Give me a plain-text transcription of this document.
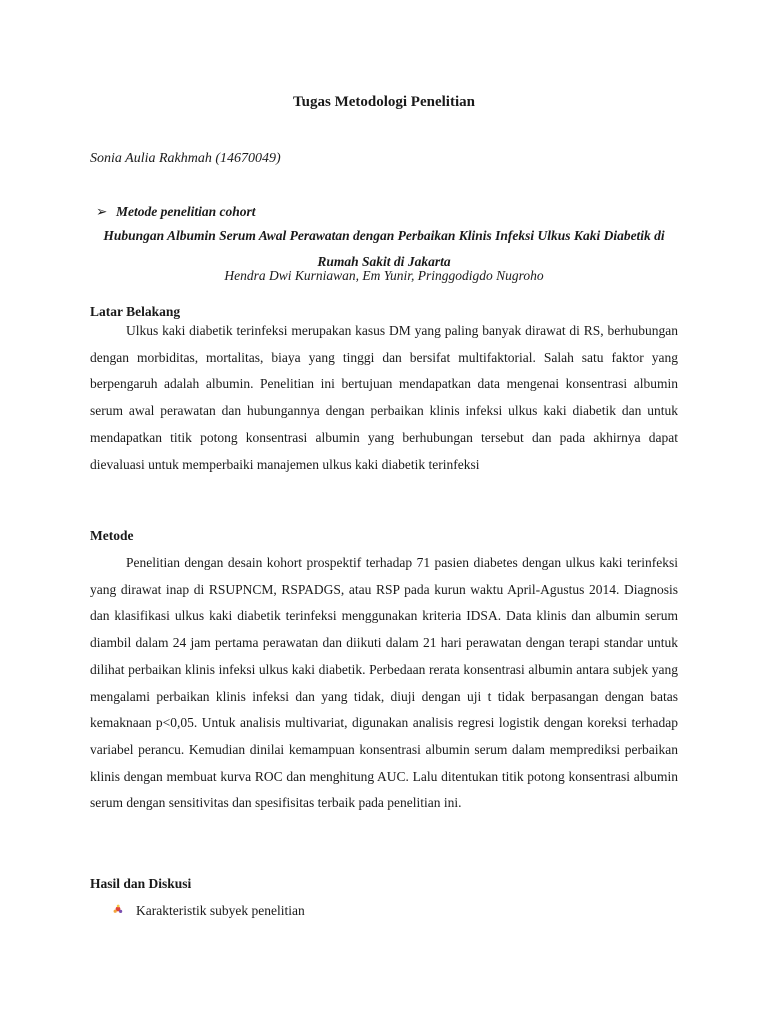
Tugas Metodologi Penelitian
Sonia Aulia Rakhmah (14670049)
➢ Metode penelitian cohort
Hubungan Albumin Serum Awal Perawatan dengan Perbaikan Klinis Infeksi Ulkus Kaki Diabetik di Rumah Sakit di Jakarta
Hendra Dwi Kurniawan, Em Yunir, Pringgodigdo Nugroho
Latar Belakang

Ulkus kaki diabetik terinfeksi merupakan kasus DM yang paling banyak dirawat di RS, berhubungan dengan morbiditas, mortalitas, biaya yang tinggi dan bersifat multifaktorial. Salah satu faktor yang berpengaruh adalah albumin. Penelitian ini bertujuan mendapatkan data mengenai konsentrasi albumin serum awal perawatan dan hubungannya dengan perbaikan klinis infeksi ulkus kaki diabetik dan untuk mendapatkan titik potong konsentrasi albumin yang berhubungan tersebut dan pada akhirnya dapat dievaluasi untuk memperbaiki manajemen ulkus kaki diabetik terinfeksi

Metode

Penelitian dengan desain kohort prospektif terhadap 71 pasien diabetes dengan ulkus kaki terinfeksi yang dirawat inap di RSUPNCM, RSPADGS, atau RSP pada kurun waktu April-Agustus 2014. Diagnosis dan klasifikasi ulkus kaki diabetik terinfeksi menggunakan kriteria IDSA. Data klinis dan albumin serum diambil dalam 24 jam pertama perawatan dan diikuti dalam 21 hari perawatan dengan terapi standar untuk dilihat perbaikan klinis infeksi ulkus kaki diabetik. Perbedaan rerata konsentrasi albumin antara subjek yang mengalami perbaikan klinis infeksi dan yang tidak, diuji dengan uji t tidak berpasangan dengan batas kemaknaan p<0,05. Untuk analisis multivariat, digunakan analisis regresi logistik dengan koreksi terhadap variabel perancu. Kemudian dinilai kemampuan konsentrasi albumin serum dalam memprediksi perbaikan klinis dengan membuat kurva ROC dan menghitung AUC. Lalu ditentukan titik potong konsentrasi albumin serum dengan sensitivitas dan spesifisitas terbaik pada penelitian ini.

Hasil dan Diskusi
Karakteristik subyek penelitian
